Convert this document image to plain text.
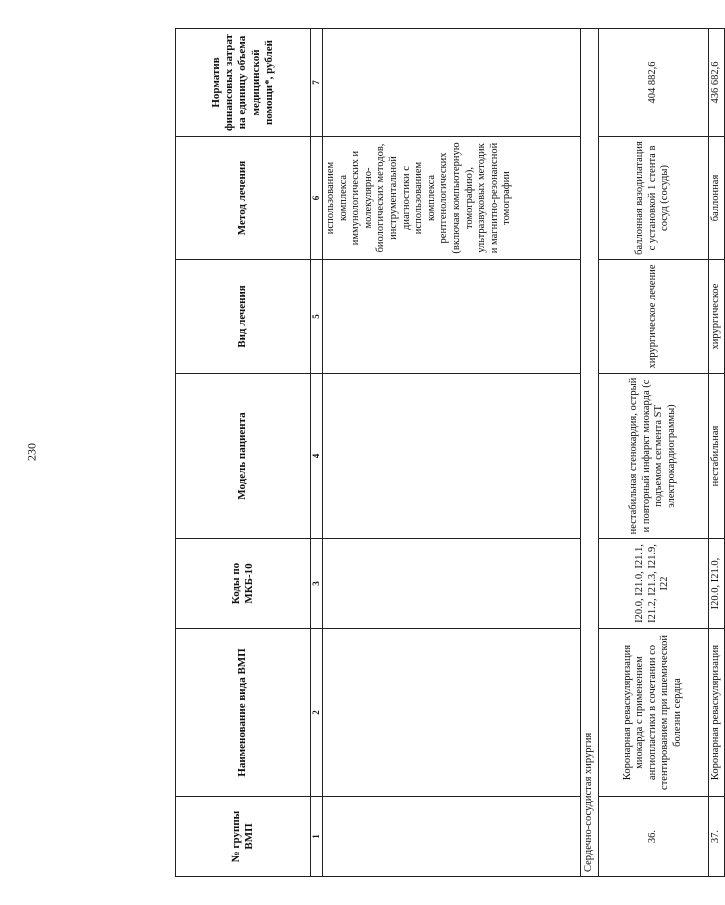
230
№ группы ВМП	Наименование вида ВМП	Коды по МКБ-10	Модель пациента	Вид лечения	Метод лечения	Норматив финансовых затрат на единицу объема медицинской помощи*, рублей
1	2	3	4	5	6	7
					использованием комплекса иммунологических и молекулярно-биологических методов, инструментальной диагностики с использованием комплекса рентгенологических (включая компьютерную томографию), ультразвуковых методик и магнитно-резонансной томографии	
Сердечно-сосудистая хирургия						
36.	Коронарная реваскуляризация миокарда с применением ангиопластики в сочетании со стентированием при ишемической болезни сердца	I20.0, I21.0, I21.1, I21.2, I21.3, I21.9, I22	нестабильная стенокардия, острый и повторный инфаркт миокарда (с подъемом сегмента ST электрокардиограммы)	хирургическое лечение	баллонная вазодилатация с установкой 1 стента в сосуд (сосуды)	404 882,6
37.	Коронарная реваскуляризация	I20.0, I21.0,	нестабильная	хирургическое	баллонная	436 682,6
